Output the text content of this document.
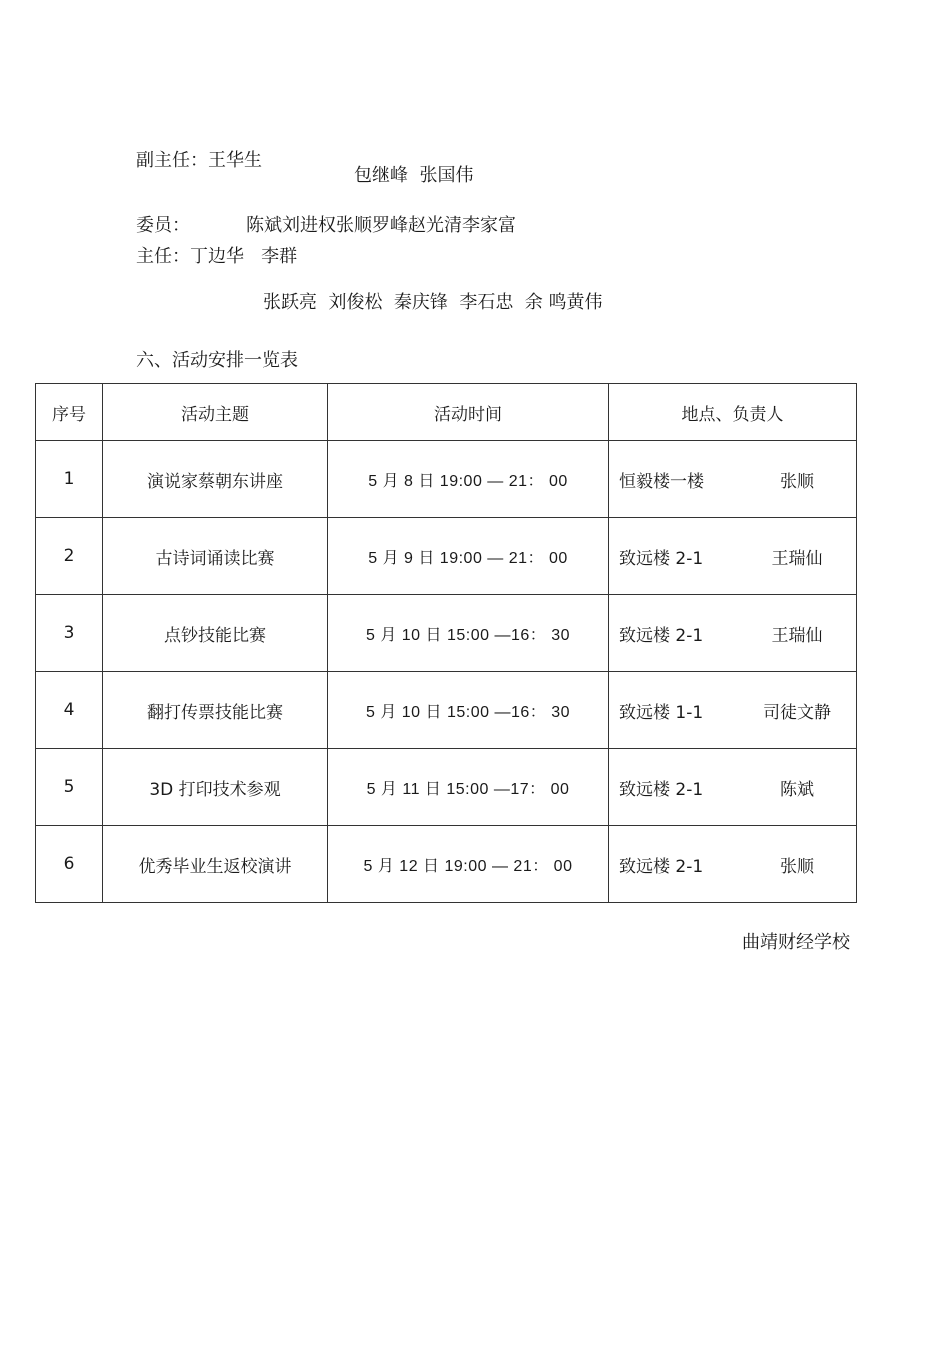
副主任：王华生
包继峰  张国伟
委员：	陈斌刘进权张顺罗峰赵光清李家富
主任：丁边华   李群
张跃亮  刘俊松  秦庆锋  李石忠  余 鸣黄伟
六、活动安排一览表
序号	活动主题	活动时间	地点、负责人
1	演说家蔡朝东讲座	5 月 8 日 19:00 — 21： 00	恒毅楼一楼 张顺
2	古诗词诵读比赛	5 月 9 日 19:00 — 21： 00	致远楼 2-1 王瑞仙
3	点钞技能比赛	5 月 10 日 15:00 —16： 30	致远楼 2-1 王瑞仙
4	翻打传票技能比赛	5 月 10 日 15:00 —16： 30	致远楼 1-1 司徒文静
5	3D 打印技术参观	5 月 11 日 15:00 —17： 00	致远楼 2-1 陈斌
6	优秀毕业生返校演讲	5 月 12 日 19:00 — 21： 00	致远楼 2-1 张顺
曲靖财经学校
